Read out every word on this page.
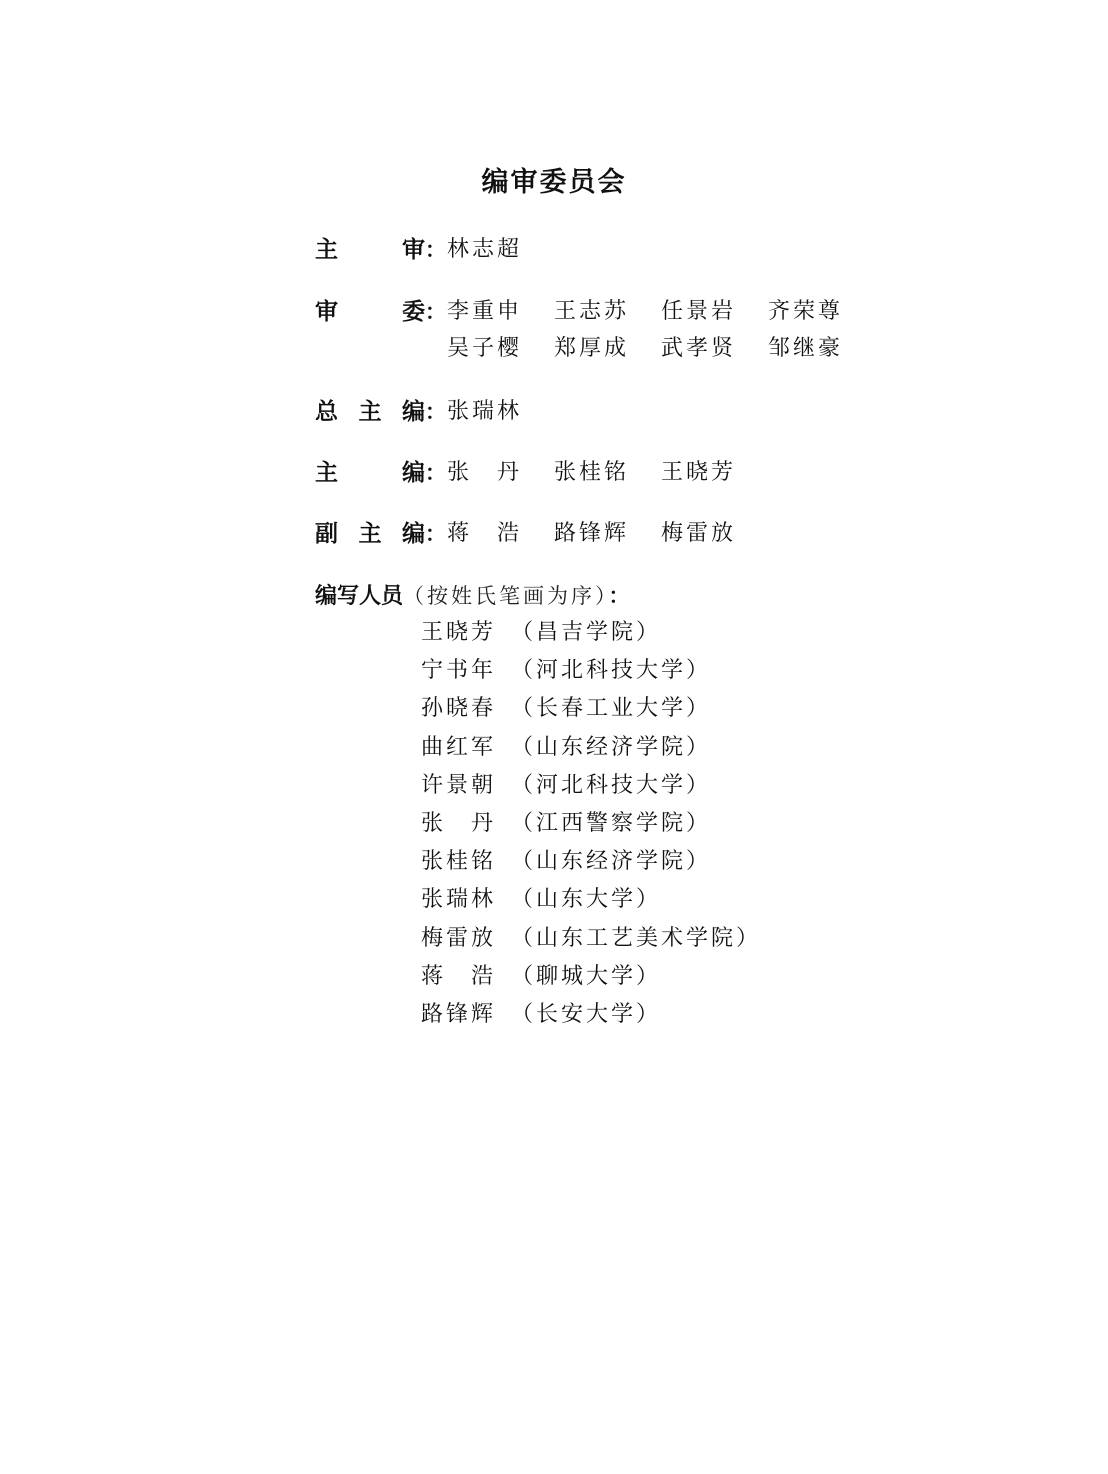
编审委员会
主	审 ： 林志超
审	委 ： 李重申	王志苏	任景岩	齐荣尊
吴子樱	郑厚成	武孝贤	邹继豪
总 主 编 ： 张瑞林
主	编 ： 张　丹	张桂铭	王晓芳
副 主 编 ： 蒋　浩	路锋辉	梅雷放
编写人员（按姓氏笔画为序）：
王晓芳 （昌吉学院）
宁书年 （河北科技大学）
孙晓春 （长春工业大学）
曲红军 （山东经济学院）
许景朝 （河北科技大学）
张　丹 （江西警察学院）
张桂铭 （山东经济学院）
张瑞林 （山东大学）
梅雷放 （山东工艺美术学院）
蒋　浩 （聊城大学）
路锋辉 （长安大学）
